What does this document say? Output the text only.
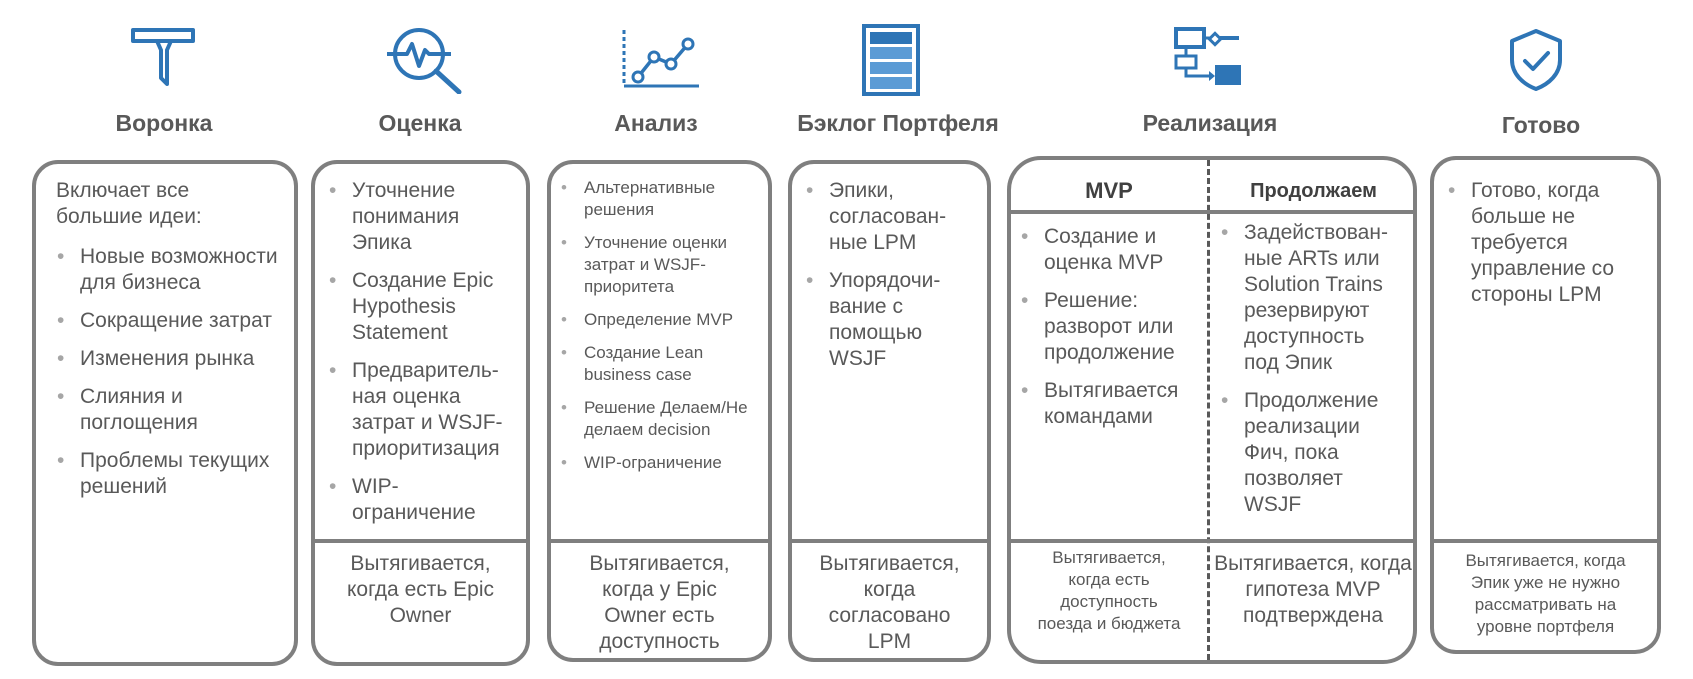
Воронка	Оценка	Анализ	Бэклог Портфеля	Реализация	Готово
Включает все большие идеи:
• Новые возможности для бизнеса
• Сокращение затрат
• Изменения рынка
• Слияния и поглощения
• Проблемы текущих решений
• Уточнение понимания Эпика
• Создание Epic Hypothesis Statement
• Предваритель-ная оценка затрат и WSJF-приоритизация
• WIP-ограничение
Вытягивается, когда есть Epic Owner
• Альтернативные решения
• Уточнение оценки затрат и WSJF-приоритета
• Определение MVP
• Создание Lean business case
• Решение Делаем/Не делаем decision
• WIP-ограничение
Вытягивается, когда у Epic Owner есть доступность
• Эпики, согласован-ные LPM
• Упорядочи-вание с помощью WSJF
Вытягивается, когда согласовано LPM
MVP	Продолжаем
• Создание и оценка MVP
• Решение: разворот или продолжение
• Вытягивается командами
• Задействован-ные ARTs или Solution Trains резервируют доступность под Эпик
• Продолжение реализации Фич, пока позволяет WSJF
Вытягивается, когда есть доступность поезда и бюджета
Вытягивается, когда гипотеза MVP подтверждена
• Готово, когда больше не требуется управление со стороны LPM
Вытягивается, когда Эпик уже не нужно рассматривать на уровне портфеля
